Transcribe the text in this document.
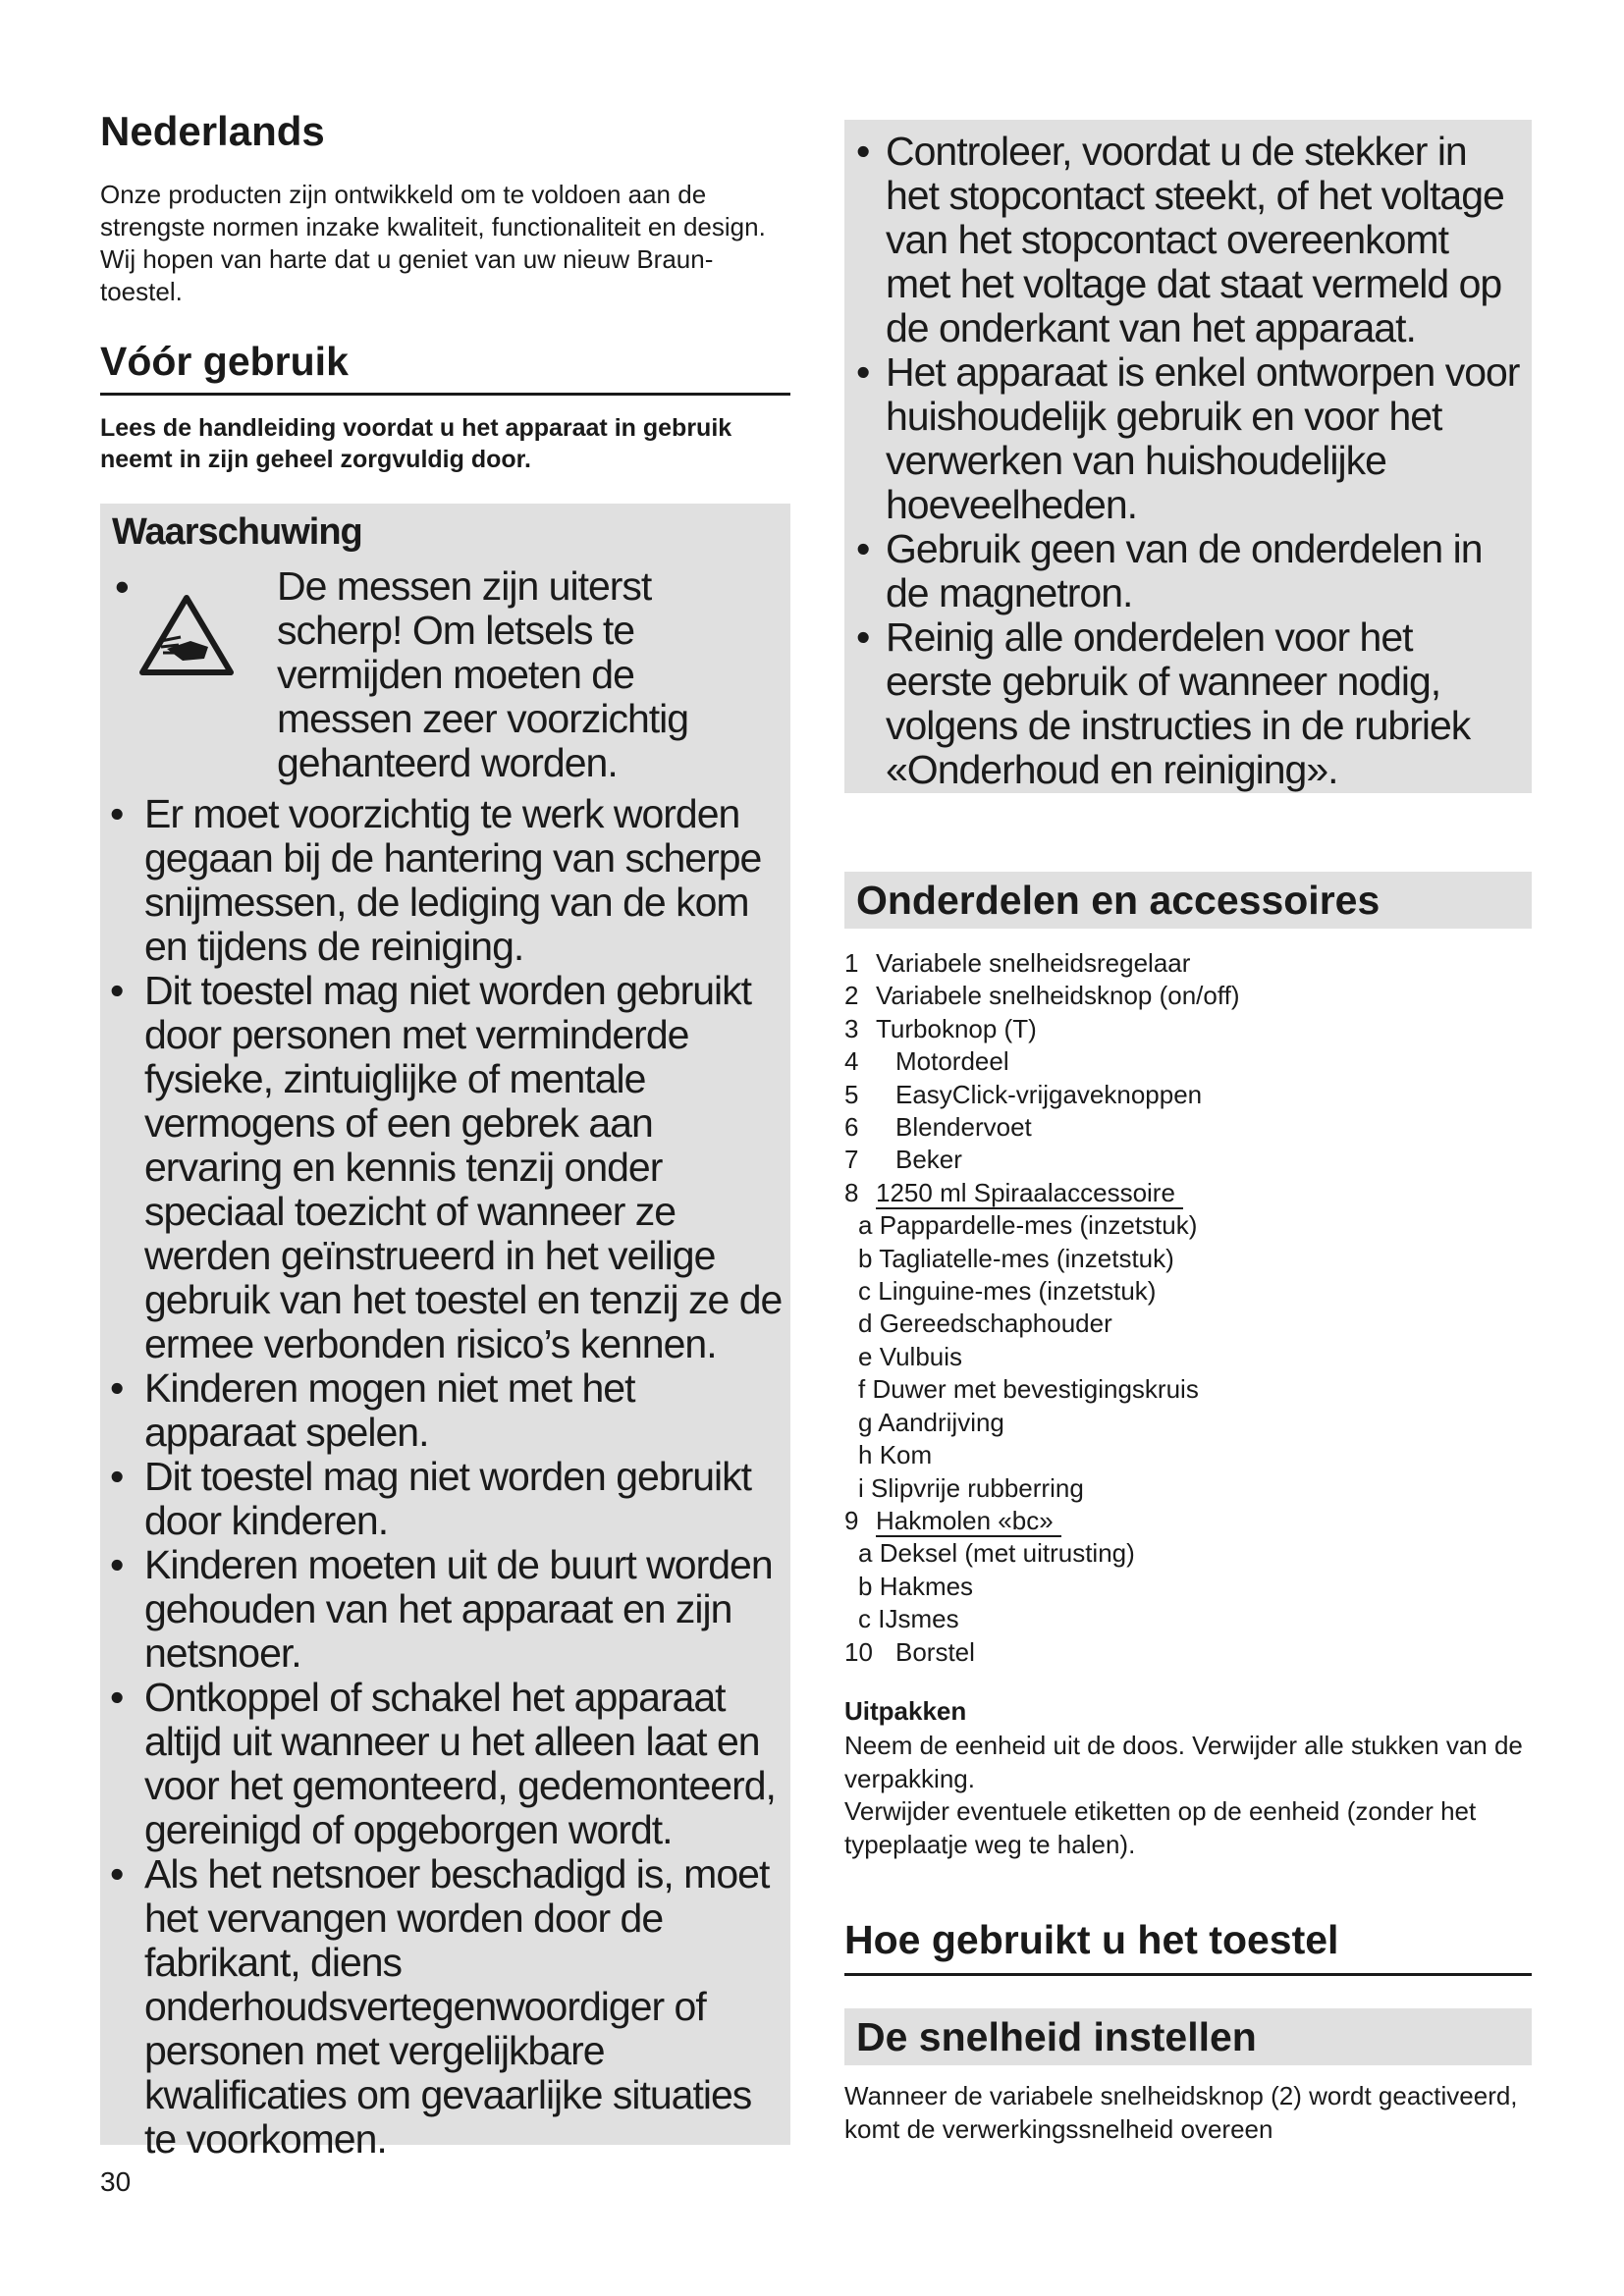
Nederlands

Onze producten zijn ontwikkeld om te voldoen aan de strengste normen inzake kwaliteit, functionaliteit en design. Wij hopen van harte dat u geniet van uw nieuw Braun-toestel.

Vóór gebruik

Lees de handleiding voordat u het apparaat in gebruik neemt in zijn geheel zorgvuldig door.

Waarschuwing
•	De messen zijn uiterst scherp! Om letsels te vermijden moeten de messen zeer voorzichtig gehanteerd worden.
• Er moet voorzichtig te werk worden gegaan bij de hantering van scherpe snijmessen, de lediging van de kom en tijdens de reiniging.
• Dit toestel mag niet worden gebruikt door personen met verminderde fysieke, zintuiglijke of mentale vermogens of een gebrek aan ervaring en kennis tenzij onder speciaal toezicht of wanneer ze werden geïnstrueerd in het veilige gebruik van het toestel en tenzij ze de ermee verbonden risico’s kennen.
• Kinderen mogen niet met het apparaat spelen.
• Dit toestel mag niet worden gebruikt door kinderen.
• Kinderen moeten uit de buurt worden gehouden van het apparaat en zijn netsnoer.
• Ontkoppel of schakel het apparaat altijd uit wanneer u het alleen laat en voor het gemonteerd, gedemonteerd, gereinigd of opgeborgen wordt.
• Als het netsnoer beschadigd is, moet het vervangen worden door de fabrikant, diens onderhoudsvertegenwoordiger of personen met vergelijkbare kwalificaties om gevaarlijke situaties te voorkomen.
• Controleer, voordat u de stekker in het stopcontact steekt, of het voltage van het stopcontact overeenkomt met het voltage dat staat vermeld op de onderkant van het apparaat.
• Het apparaat is enkel ontworpen voor huishoudelijk gebruik en voor het verwerken van huishoudelijke hoeveelheden.
• Gebruik geen van de onderdelen in de magnetron.
• Reinig alle onderdelen voor het eerste gebruik of wanneer nodig, volgens de instructies in de rubriek «Onderhoud en reiniging».
Onderdelen en accessoires
1 Variabele snelheidsregelaar
2 Variabele snelheidsknop (on/off)
3 Turboknop (T)
4 Motordeel
5 EasyClick-vrijgaveknoppen
6 Blendervoet
7 Beker
8 1250 ml Spiraalaccessoire
a Pappardelle-mes (inzetstuk)
b Tagliatelle-mes (inzetstuk)
c Linguine-mes (inzetstuk)
d Gereedschaphouder
e Vulbuis
f Duwer met bevestigingskruis
g Aandrijving
h Kom
i Slipvrije rubberring
9 Hakmolen «bc»
a Deksel (met uitrusting)
b Hakmes
c IJsmes
10 Borstel
Uitpakken
Neem de eenheid uit de doos. Verwijder alle stukken van de verpakking.
Verwijder eventuele etiketten op de eenheid (zonder het typeplaatje weg te halen).
Hoe gebruikt u het toestel
De snelheid instellen

Wanneer de variabele snelheidsknop (2) wordt geactiveerd, komt de verwerkingssnelheid overeen

30
